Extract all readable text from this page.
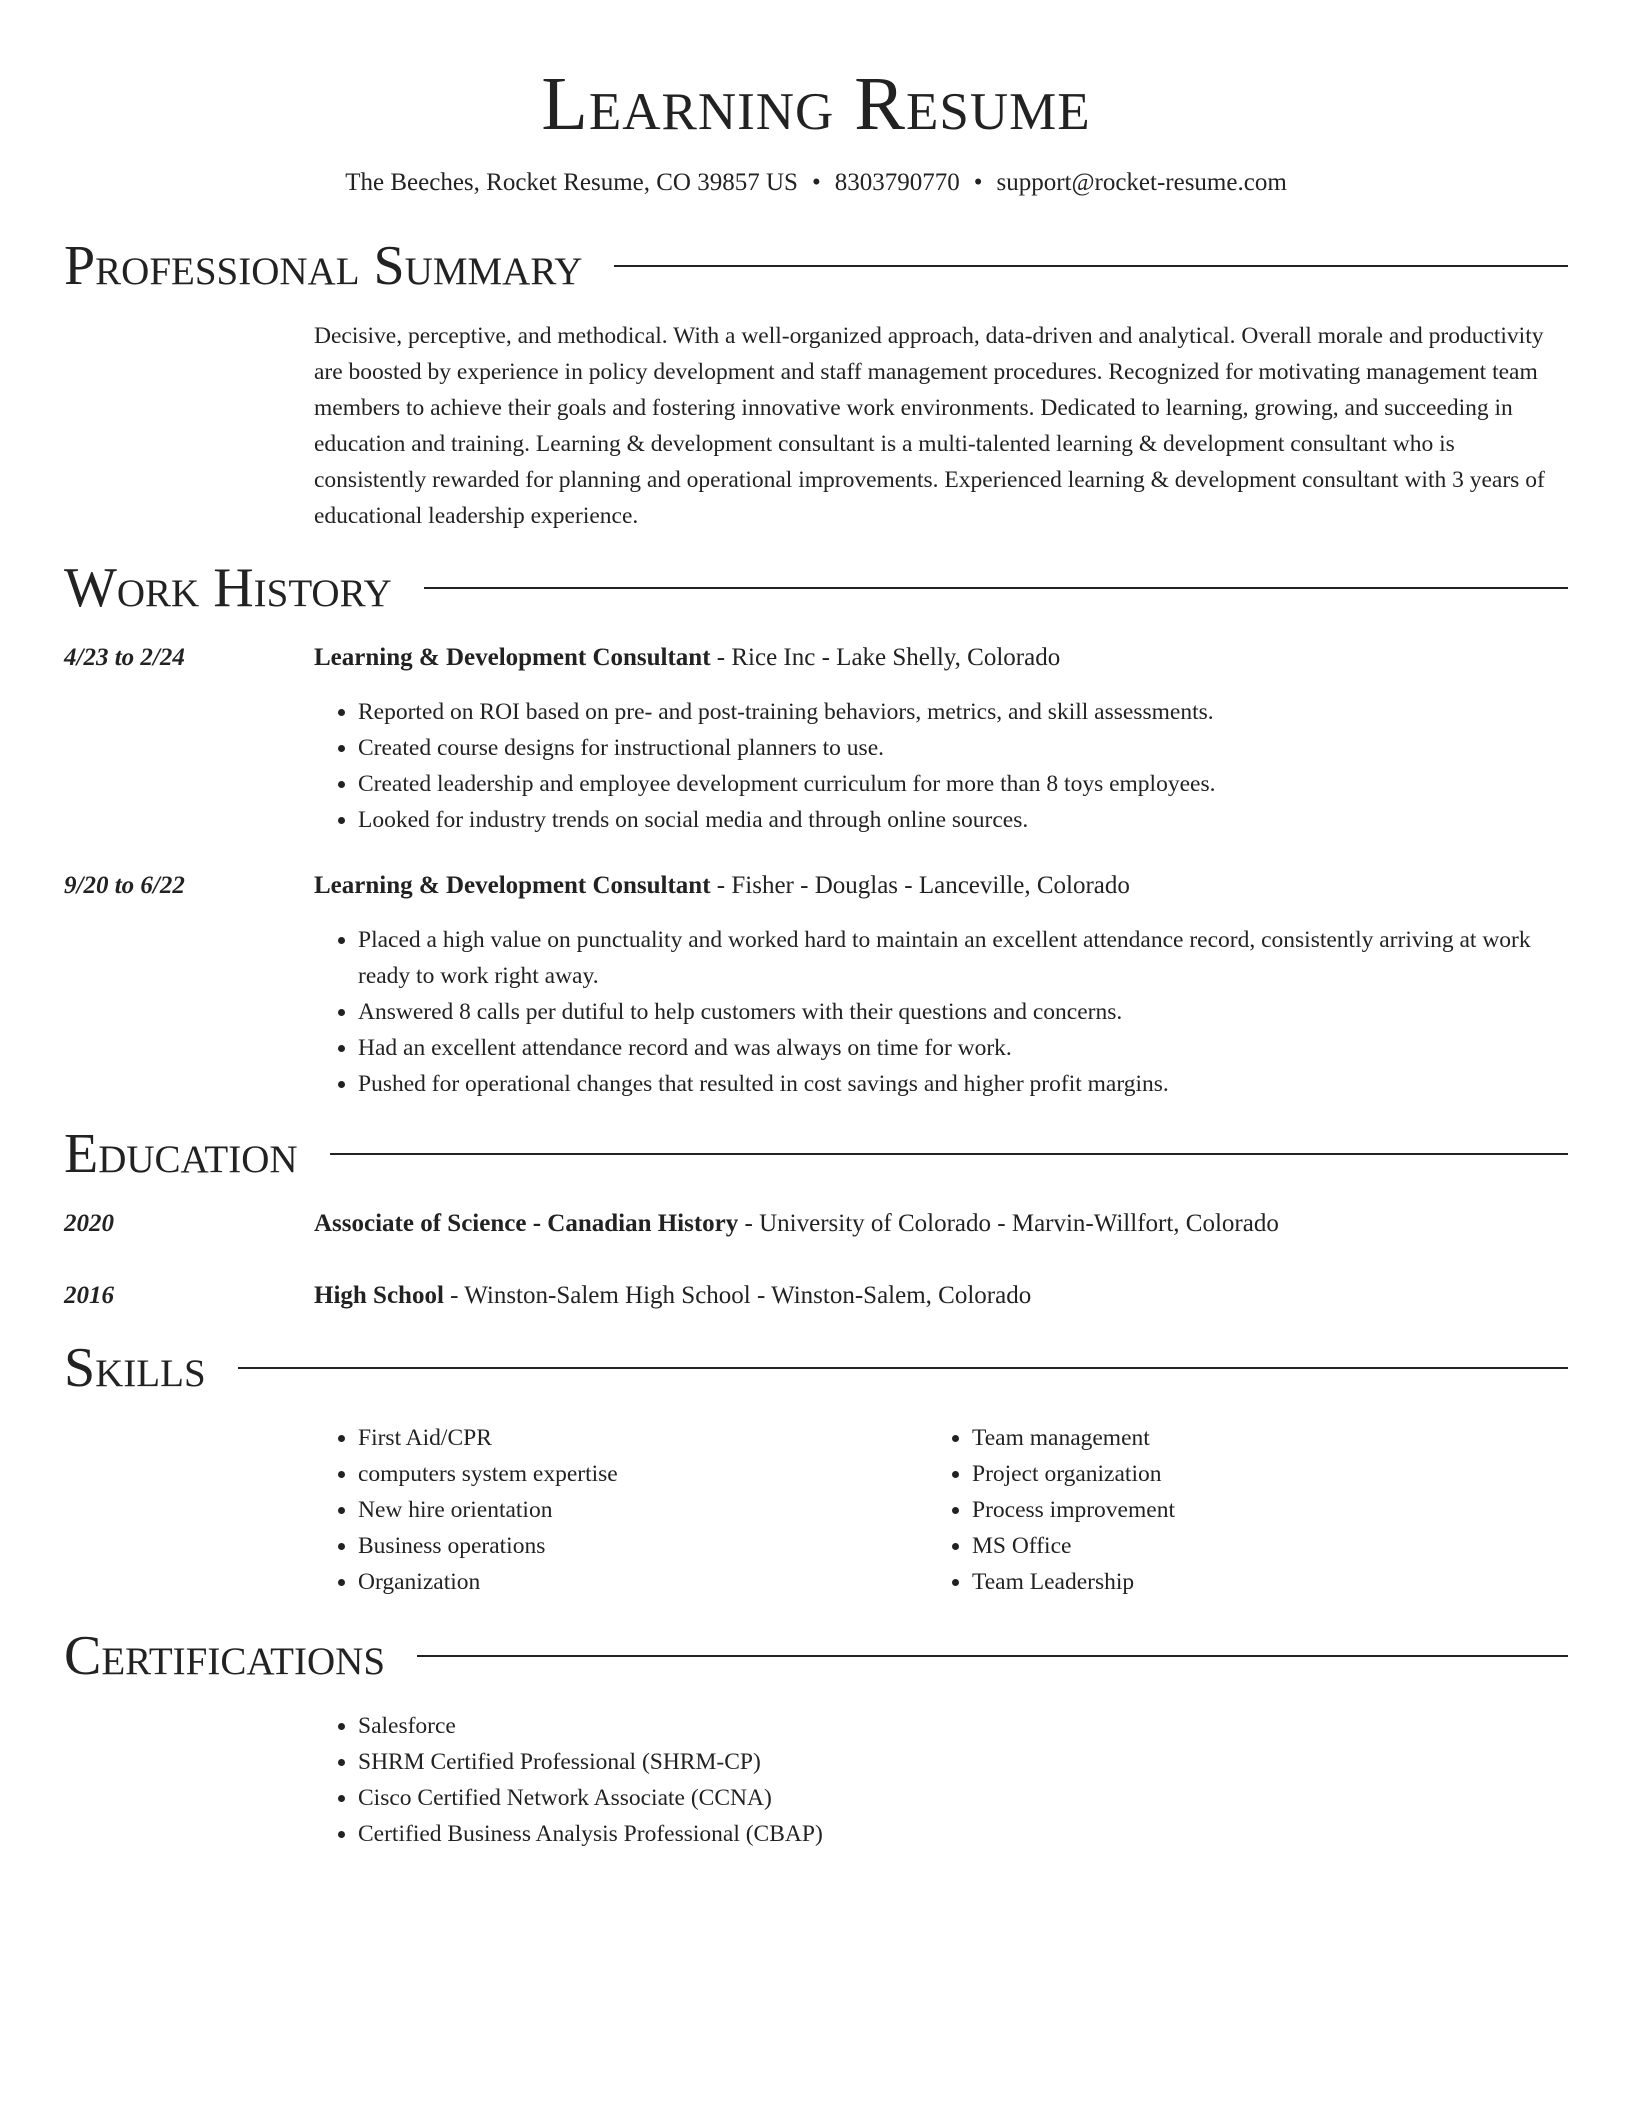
Learning Resume
The Beeches, Rocket Resume, CO 39857 US • 8303790770 • support@rocket-resume.com
Professional Summary
Decisive, perceptive, and methodical. With a well-organized approach, data-driven and analytical. Overall morale and productivity are boosted by experience in policy development and staff management procedures. Recognized for motivating management team members to achieve their goals and fostering innovative work environments. Dedicated to learning, growing, and succeeding in education and training. Learning & development consultant is a multi-talented learning & development consultant who is consistently rewarded for planning and operational improvements. Experienced learning & development consultant with 3 years of educational leadership experience.
Work History
4/23 to 2/24	Learning & Development Consultant - Rice Inc - Lake Shelly, Colorado
• Reported on ROI based on pre- and post-training behaviors, metrics, and skill assessments.
• Created course designs for instructional planners to use.
• Created leadership and employee development curriculum for more than 8 toys employees.
• Looked for industry trends on social media and through online sources.
9/20 to 6/22	Learning & Development Consultant - Fisher - Douglas - Lanceville, Colorado
• Placed a high value on punctuality and worked hard to maintain an excellent attendance record, consistently arriving at work ready to work right away.
• Answered 8 calls per dutiful to help customers with their questions and concerns.
• Had an excellent attendance record and was always on time for work.
• Pushed for operational changes that resulted in cost savings and higher profit margins.
Education
2020	Associate of Science - Canadian History - University of Colorado - Marvin-Willfort, Colorado
2016	High School - Winston-Salem High School - Winston-Salem, Colorado
Skills
• First Aid/CPR
• computers system expertise
• New hire orientation
• Business operations
• Organization
• Team management
• Project organization
• Process improvement
• MS Office
• Team Leadership
Certifications
• Salesforce
• SHRM Certified Professional (SHRM-CP)
• Cisco Certified Network Associate (CCNA)
• Certified Business Analysis Professional (CBAP)
